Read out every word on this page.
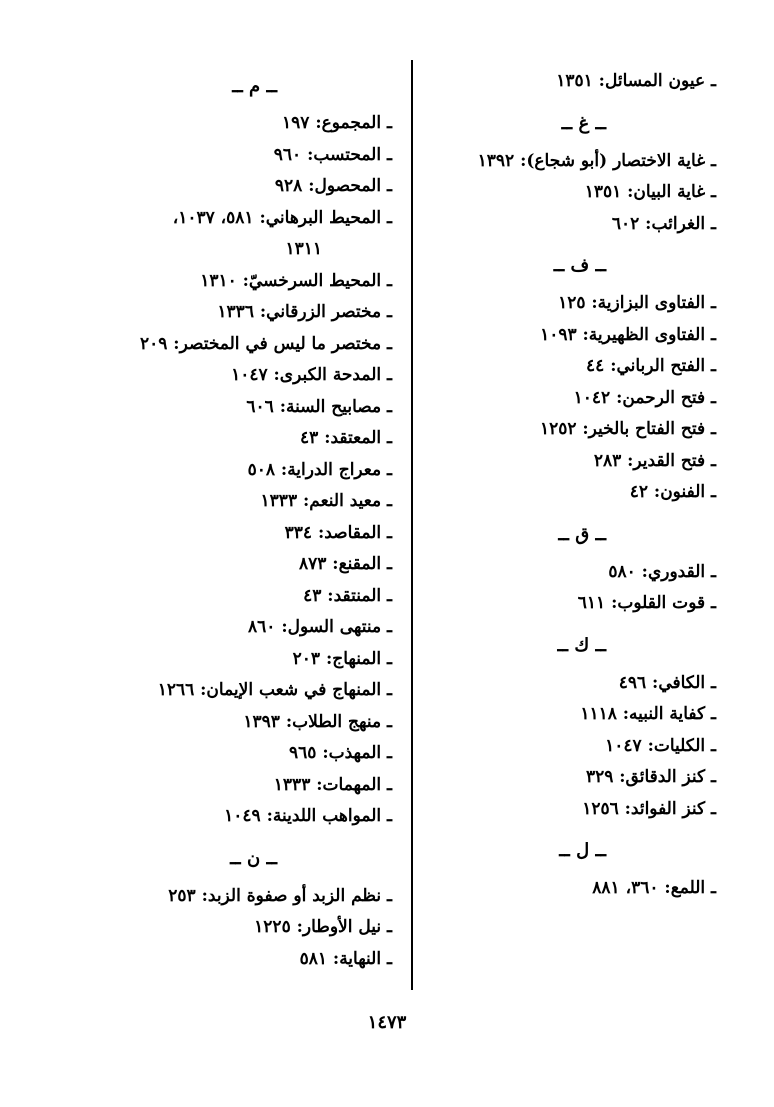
ـ عيون المسائل: ١٣٥١
ــ غ ــ
ـ غاية الاختصار (أبو شجاع): ١٣٩٢
ـ غاية البيان: ١٣٥١
ـ الغرائب: ٦٠٢
ــ ف ــ
ـ الفتاوى البزازية: ١٢٥
ـ الفتاوى الظهيرية: ١٠٩٣
ـ الفتح الرباني: ٤٤
ـ فتح الرحمن: ١٠٤٢
ـ فتح الفتاح بالخير: ١٢٥٢
ـ فتح القدير: ٢٨٣
ـ الفنون: ٤٢
ــ ق ــ
ـ القدوري: ٥٨٠
ـ قوت القلوب: ٦١١
ــ ك ــ
ـ الكافي: ٤٩٦
ـ كفاية النبيه: ١١١٨
ـ الكليات: ١٠٤٧
ـ كنز الدقائق: ٣٢٩
ـ كنز الفوائد: ١٢٥٦
ــ ل ــ
ـ اللمع: ٣٦٠، ٨٨١
ــ م ــ
ـ المجموع: ١٩٧
ـ المحتسب: ٩٦٠
ـ المحصول: ٩٢٨
ـ المحيط البرهاني: ٥٨١، ١٠٣٧،
١٣١١
ـ المحيط السرخسيّ: ١٣١٠
ـ مختصر الزرقاني: ١٣٣٦
ـ مختصر ما ليس في المختصر: ٢٠٩
ـ المدحة الكبرى: ١٠٤٧
ـ مصابيح السنة: ٦٠٦
ـ المعتقد: ٤٣
ـ معراج الدراية: ٥٠٨
ـ معيد النعم: ١٣٣٣
ـ المقاصد: ٣٣٤
ـ المقنع: ٨٧٣
ـ المنتقد: ٤٣
ـ منتهى السول: ٨٦٠
ـ المنهاج: ٢٠٣
ـ المنهاج في شعب الإيمان: ١٢٦٦
ـ منهج الطلاب: ١٣٩٣
ـ المهذب: ٩٦٥
ـ المهمات: ١٣٣٣
ـ المواهب اللدينة: ١٠٤٩
ــ ن ــ
ـ نظم الزبد أو صفوة الزبد: ٢٥٣
ـ نيل الأوطار: ١٢٢٥
ـ النهاية: ٥٨١
١٤٧٣
